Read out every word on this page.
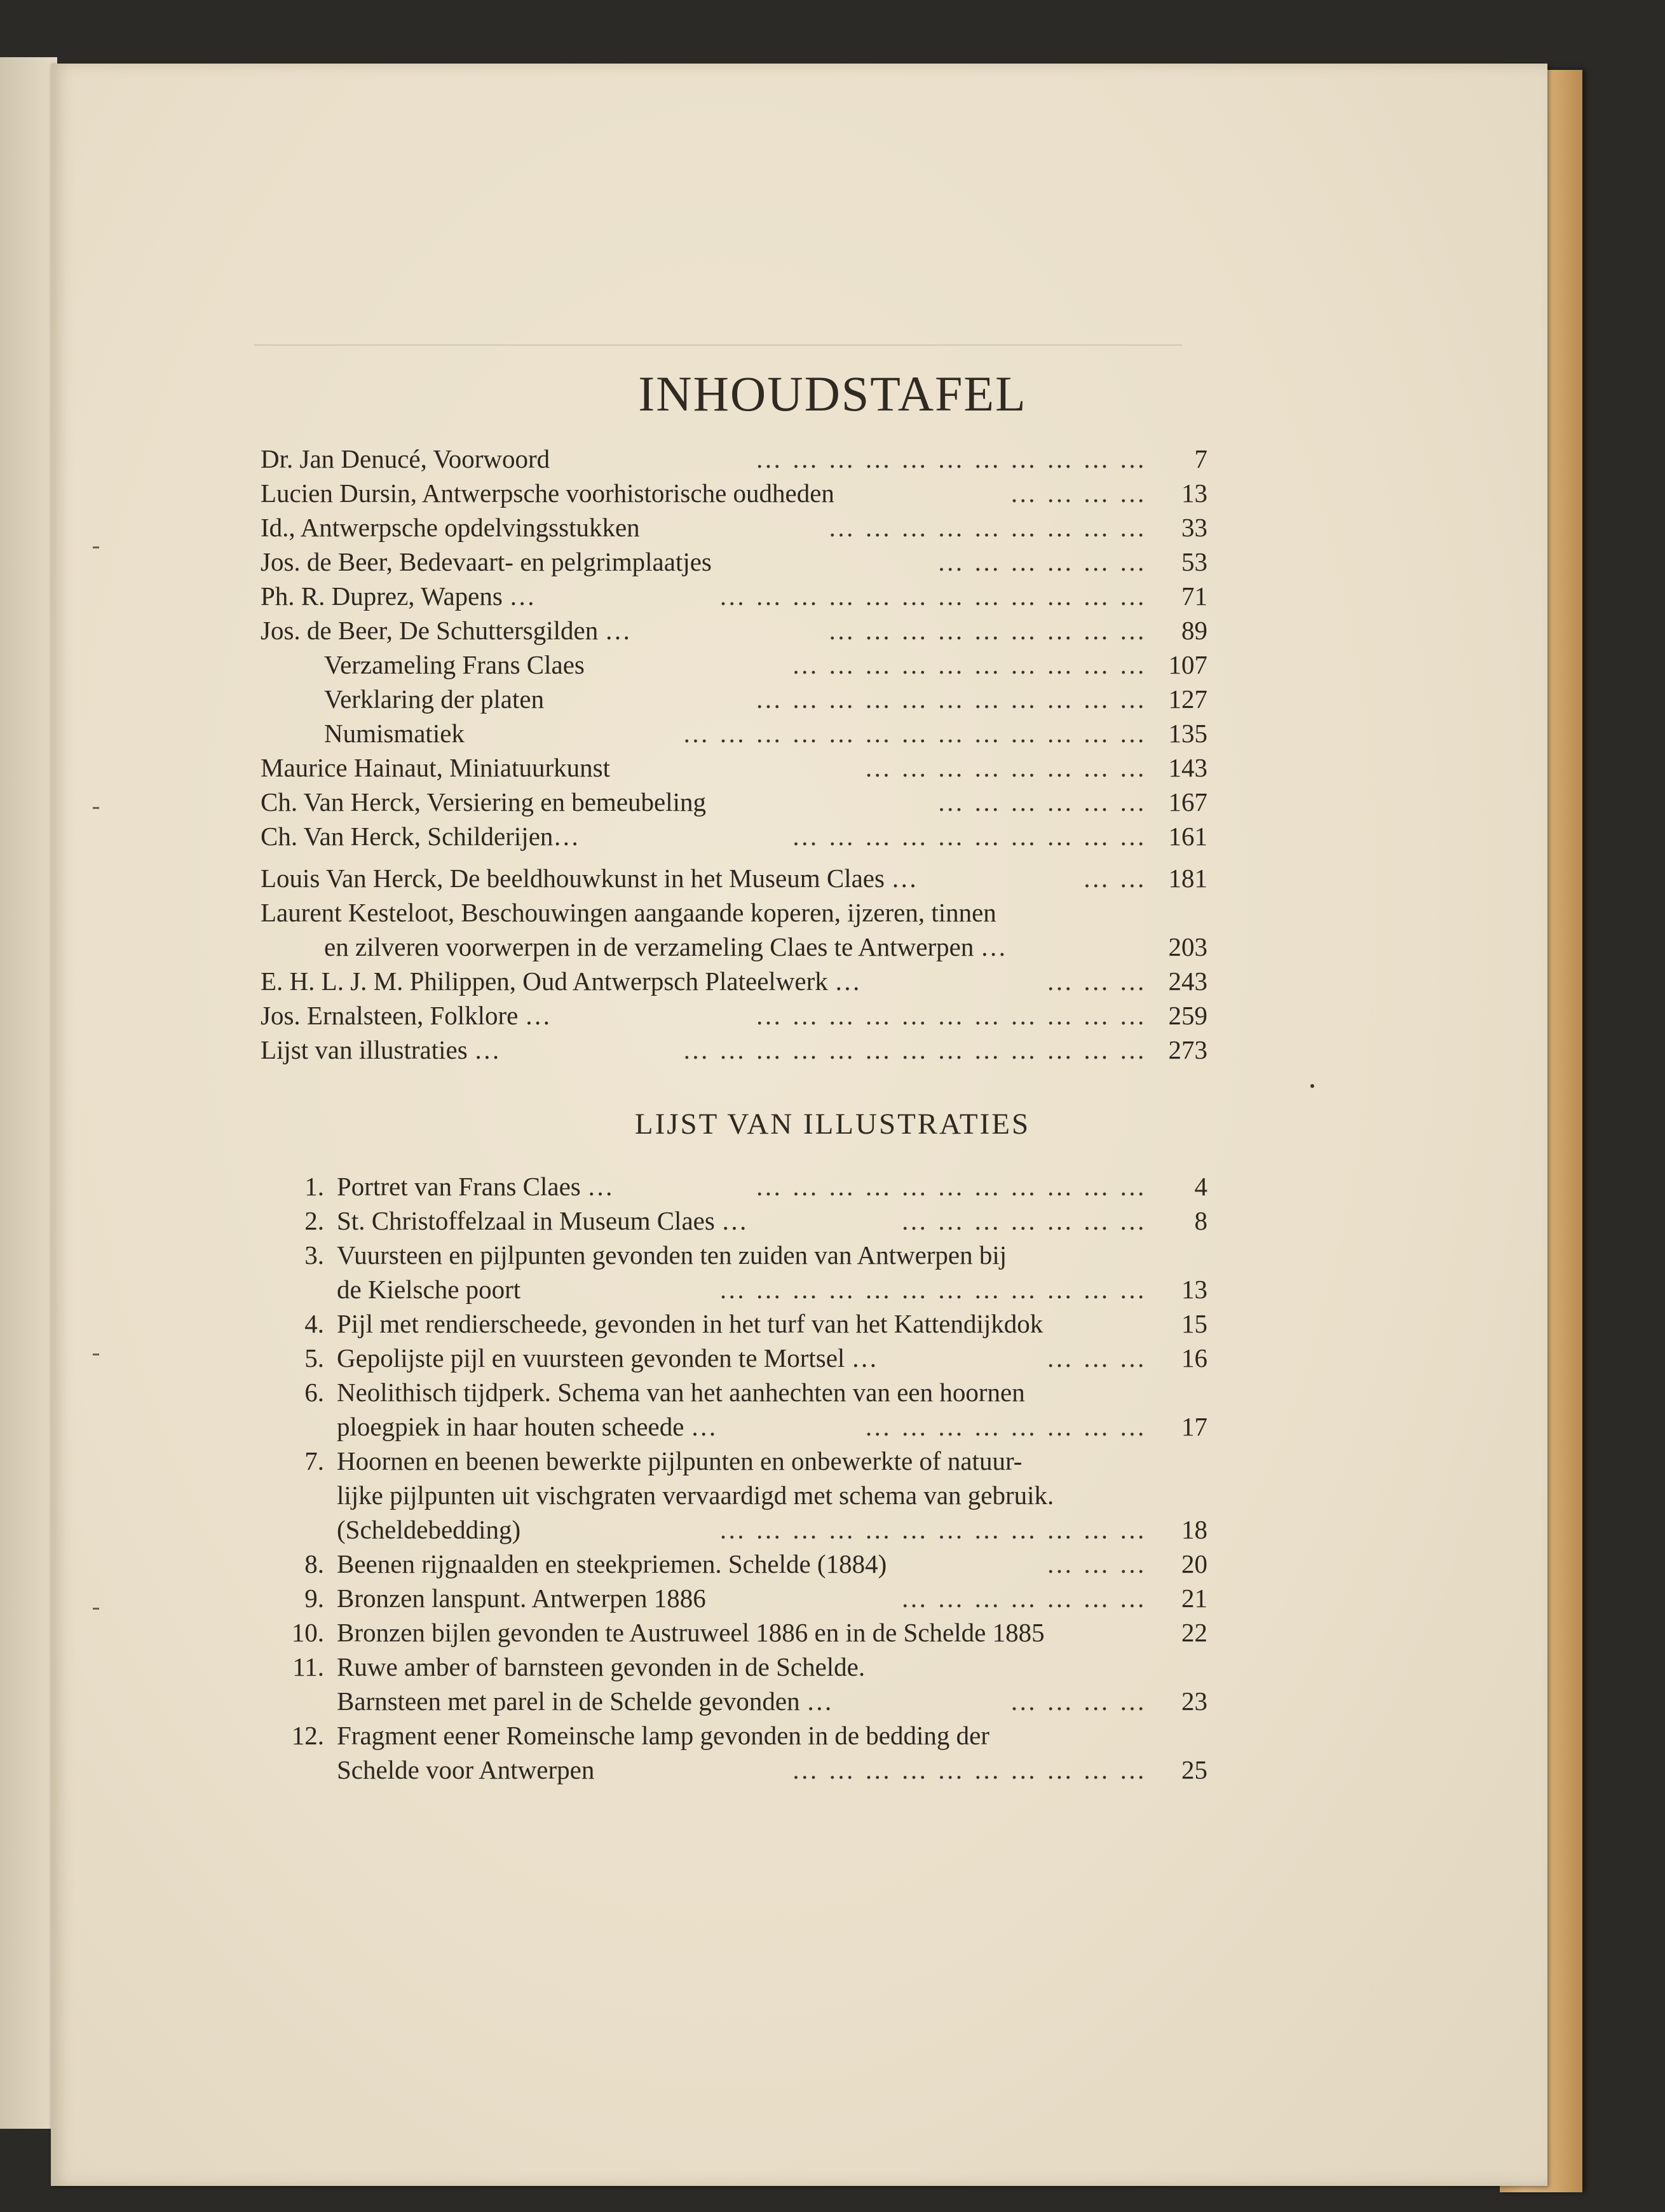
INHOUDSTAFEL
Dr. Jan Denucé, Voorwoord	… … … … … … … … … … …	7
Lucien Dursin, Antwerpsche voorhistorische oudheden	… … … …	13
Id., Antwerpsche opdelvingsstukken	… … … … … … … … …	33
Jos. de Beer, Bedevaart- en pelgrimplaatjes	… … … … … …	53
Ph. R. Duprez, Wapens …	… … … … … … … … … … … …	71
Jos. de Beer, De Schuttersgilden …	… … … … … … … … …	89
Verzameling Frans Claes	… … … … … … … … … … 107
Verklaring der platen	… … … … … … … … … … … 127
Numismatiek	… … … … … … … … … … … … … 135
Maurice Hainaut, Miniatuurkunst	… … … … … … … … 143
Ch. Van Herck, Versiering en bemeubeling	… … … … … … 167
Ch. Van Herck, Schilderijen…	… … … … … … … … … … 161
Louis Van Herck, De beeldhouwkunst in het Museum Claes …	… … 181
Laurent Kesteloot, Beschouwingen aangaande koperen, ijzeren, tinnen
en zilveren voorwerpen in de verzameling Claes te Antwerpen …	203
E. H. L. J. M. Philippen, Oud Antwerpsch Plateelwerk …	… … … 243
Jos. Ernalsteen, Folklore …	… … … … … … … … … … … 259
Lijst van illustraties …	… … … … … … … … … … … … … 273
LIJST VAN ILLUSTRATIES
1. Portret van Frans Claes …	… … … … … … … … … … …	4
2. St. Christoffelzaal in Museum Claes …	… … … … … … …	8
3. Vuursteen en pijlpunten gevonden ten zuiden van Antwerpen bij
de Kielsche poort	… … … … … … … … … … … …	13
4. Pijl met rendierscheede, gevonden in het turf van het Kattendijkdok	15
5. Gepolijste pijl en vuursteen gevonden te Mortsel …	… … …	16
6. Neolithisch tijdperk. Schema van het aanhechten van een hoornen
ploegpiek in haar houten scheede …	… … … … … … … …	17
7. Hoornen en beenen bewerkte pijlpunten en onbewerkte of natuur-
lijke pijlpunten uit vischgraten vervaardigd met schema van gebruik.
(Scheldebedding)	… … … … … … … … … … … …	18
8. Beenen rijgnaalden en steekpriemen. Schelde (1884)	… … …	20
9. Bronzen lanspunt. Antwerpen 1886	… … … … … … …	21
10. Bronzen bijlen gevonden te Austruweel 1886 en in de Schelde 1885	22
11. Ruwe amber of barnsteen gevonden in de Schelde.
Barnsteen met parel in de Schelde gevonden …	… … … …	23
12. Fragment eener Romeinsche lamp gevonden in de bedding der
Schelde voor Antwerpen	… … … … … … … … … …	25
